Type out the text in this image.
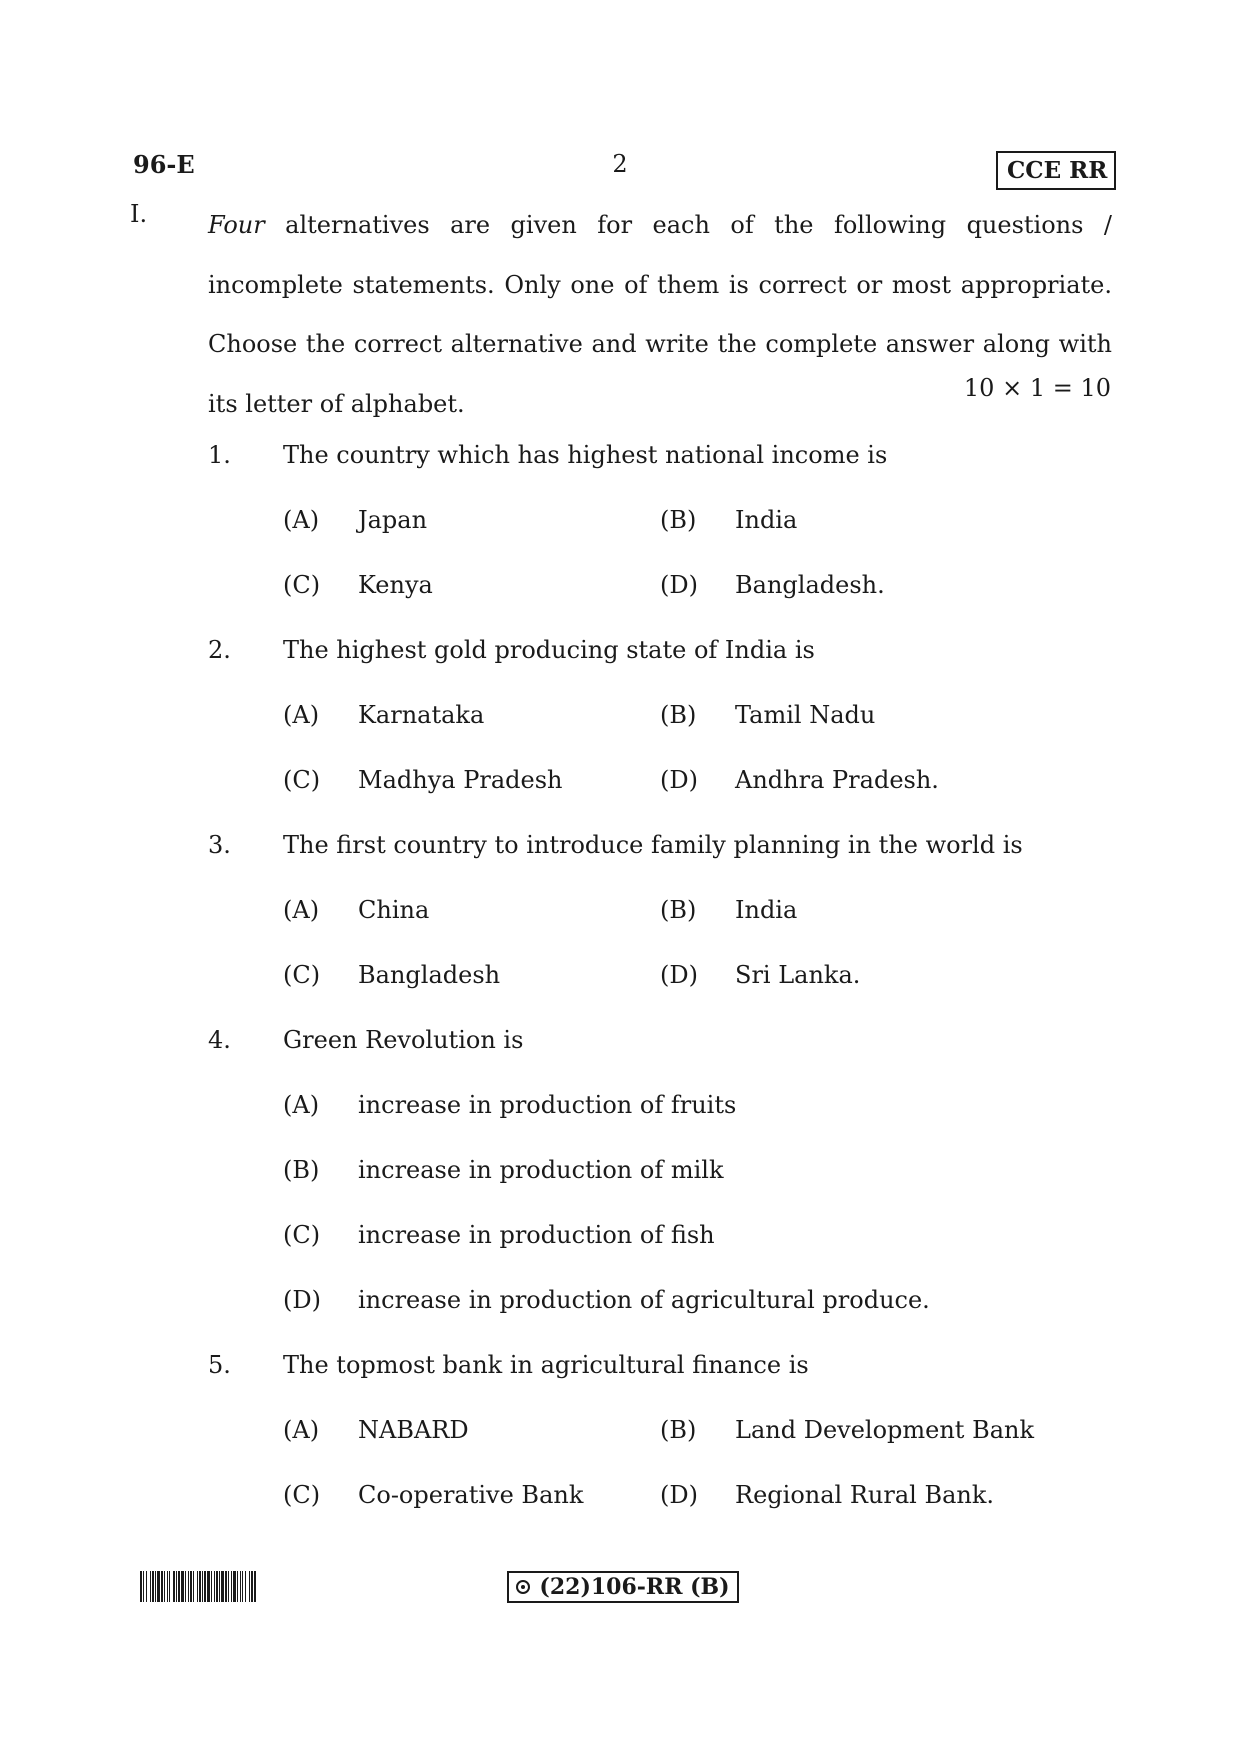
96-E	2	CCE RR
I.	Four alternatives are given for each of the following questions / incomplete statements. Only one of them is correct or most appropriate. Choose the correct alternative and write the complete answer along with its letter of alphabet.
10 × 1 = 10
1. The country which has highest national income is
(A) Japan	(B) India
(C) Kenya	(D) Bangladesh.
2. The highest gold producing state of India is
(A) Karnataka	(B) Tamil Nadu
(C) Madhya Pradesh	(D) Andhra Pradesh.
3. The first country to introduce family planning in the world is
(A) China	(B) India
(C) Bangladesh	(D) Sri Lanka.
4. Green Revolution is
(A) increase in production of fruits
(B) increase in production of milk
(C) increase in production of fish
(D) increase in production of agricultural produce.
5. The topmost bank in agricultural finance is
(A) NABARD	(B) Land Development Bank
(C) Co-operative Bank	(D) Regional Rural Bank.
(22)106-RR (B)
